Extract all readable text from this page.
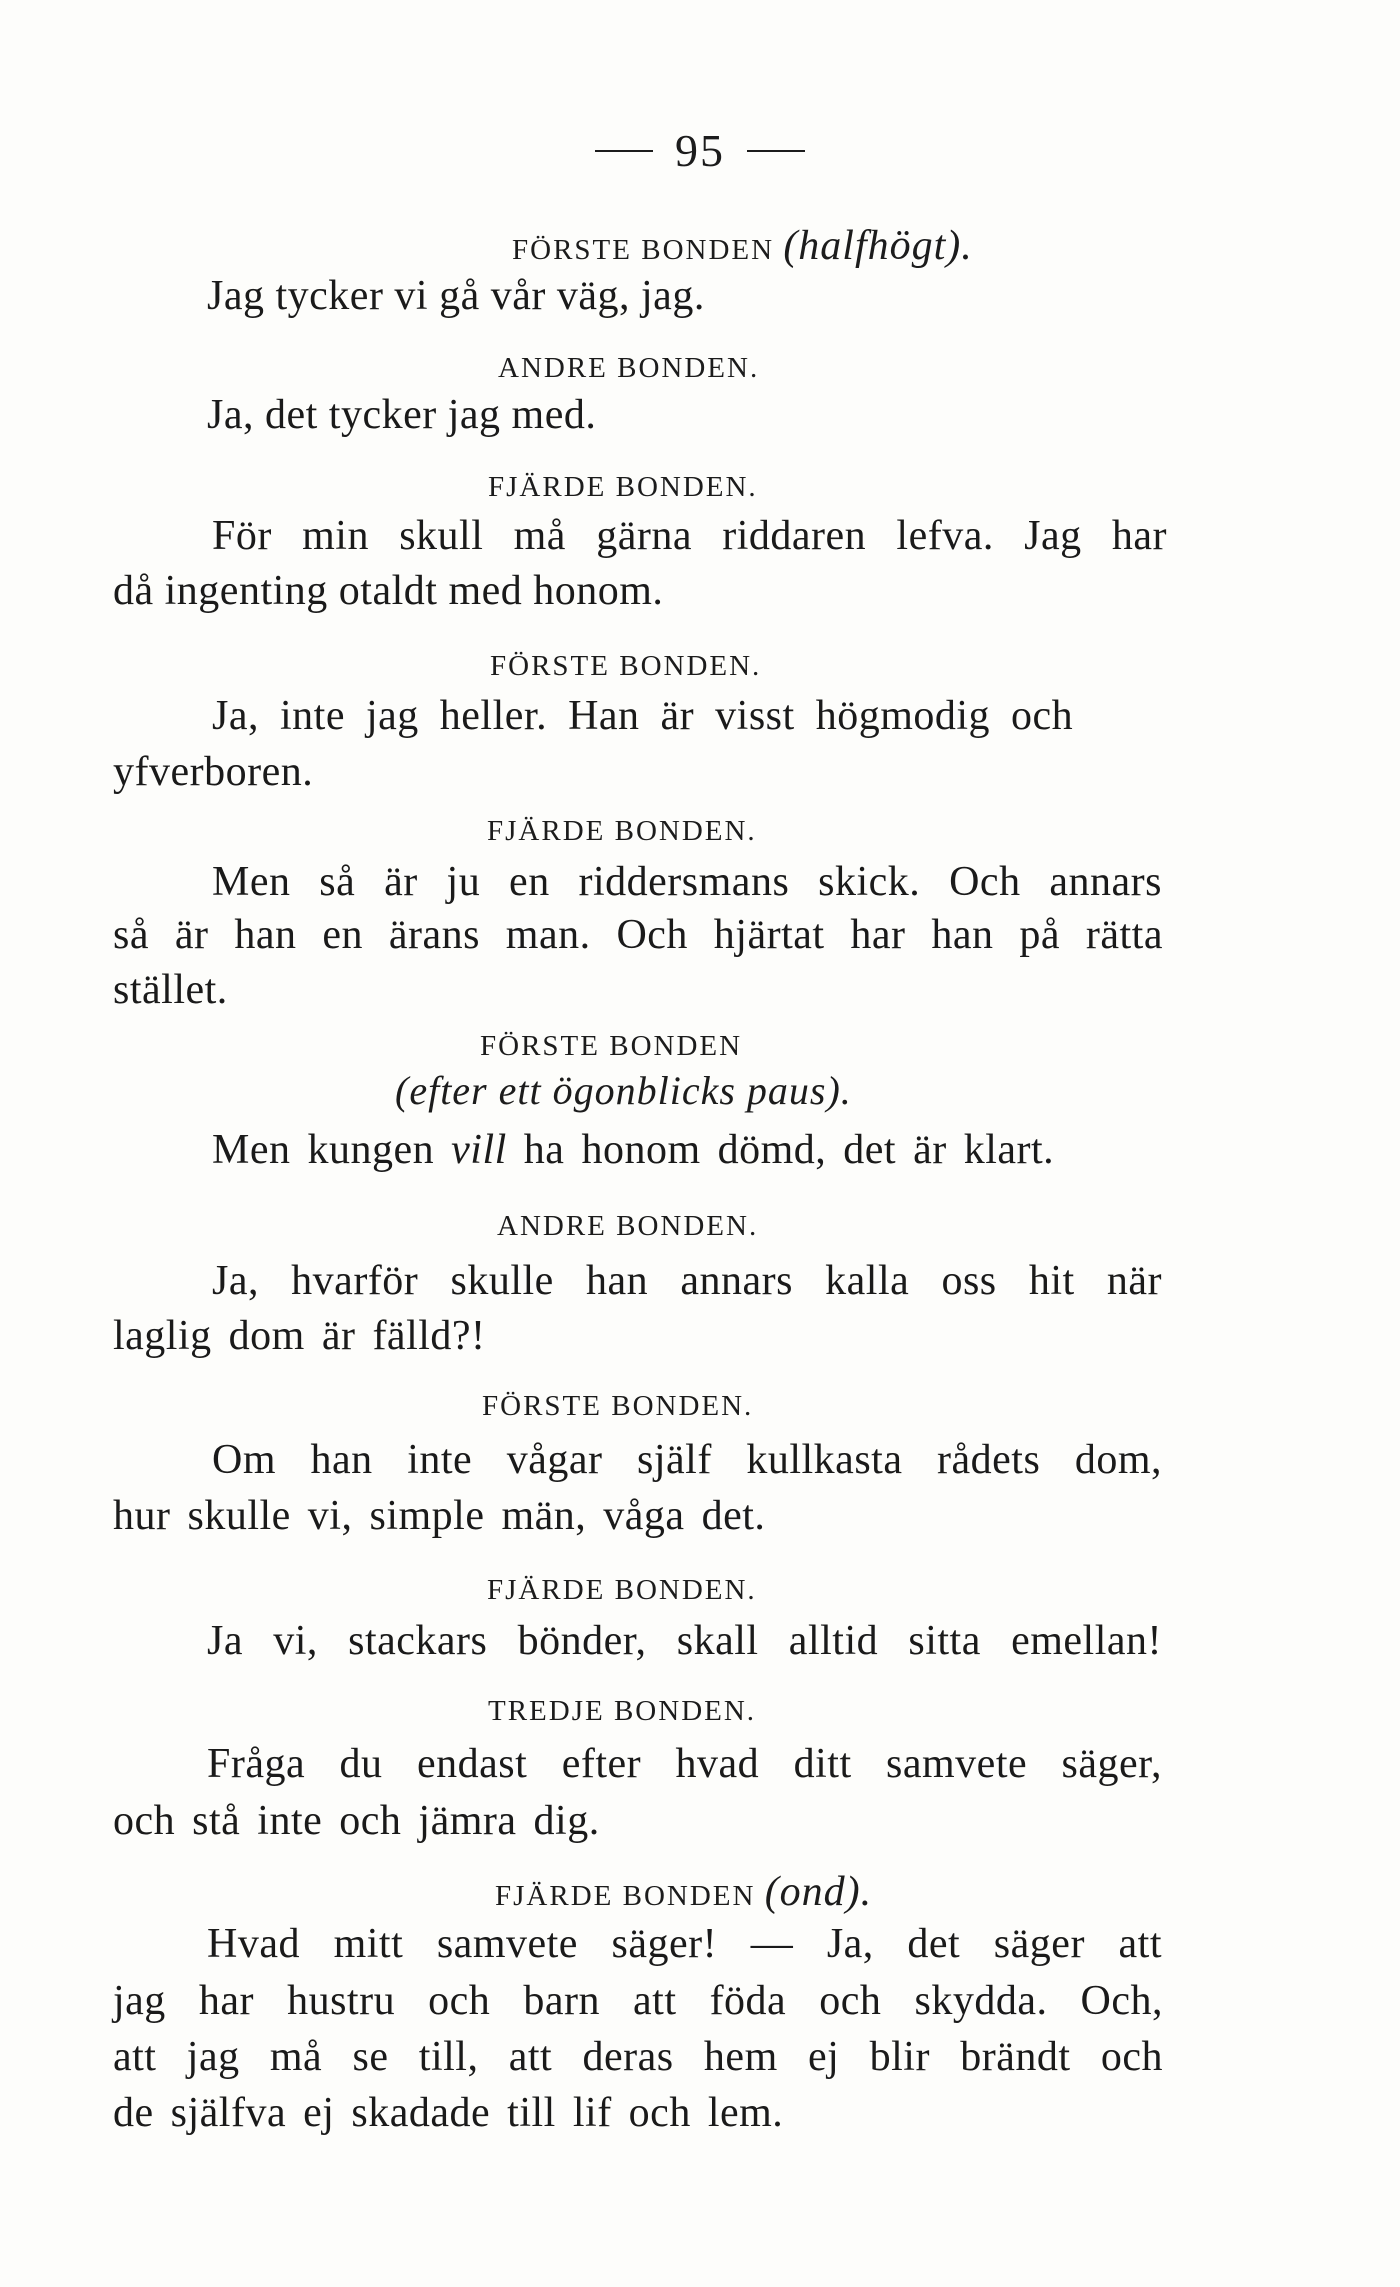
95
FÖRSTE BONDEN (halfhögt).
Jag tycker vi gå vår väg, jag.
ANDRE BONDEN.
Ja, det tycker jag med.
FJÄRDE BONDEN.
För min skull må gärna riddaren lefva. Jag har
då ingenting otaldt med honom.
FÖRSTE BONDEN.
Ja, inte jag heller. Han är visst högmodig och
yfverboren.
FJÄRDE BONDEN.
Men så är ju en riddersmans skick. Och annars
så är han en ärans man. Och hjärtat har han på rätta
stället.
FÖRSTE BONDEN
(efter ett ögonblicks paus).
Men kungen vill ha honom dömd, det är klart.
ANDRE BONDEN.
Ja, hvarför skulle han annars kalla oss hit när
laglig dom är fälld?!
FÖRSTE BONDEN.
Om han inte vågar själf kullkasta rådets dom,
hur skulle vi, simple män, våga det.
FJÄRDE BONDEN.
Ja vi, stackars bönder, skall alltid sitta emellan!
TREDJE BONDEN.
Fråga du endast efter hvad ditt samvete säger,
och stå inte och jämra dig.
FJÄRDE BONDEN (ond).
Hvad mitt samvete säger! — Ja, det säger att
jag har hustru och barn att föda och skydda. Och,
att jag må se till, att deras hem ej blir brändt och
de själfva ej skadade till lif och lem.
